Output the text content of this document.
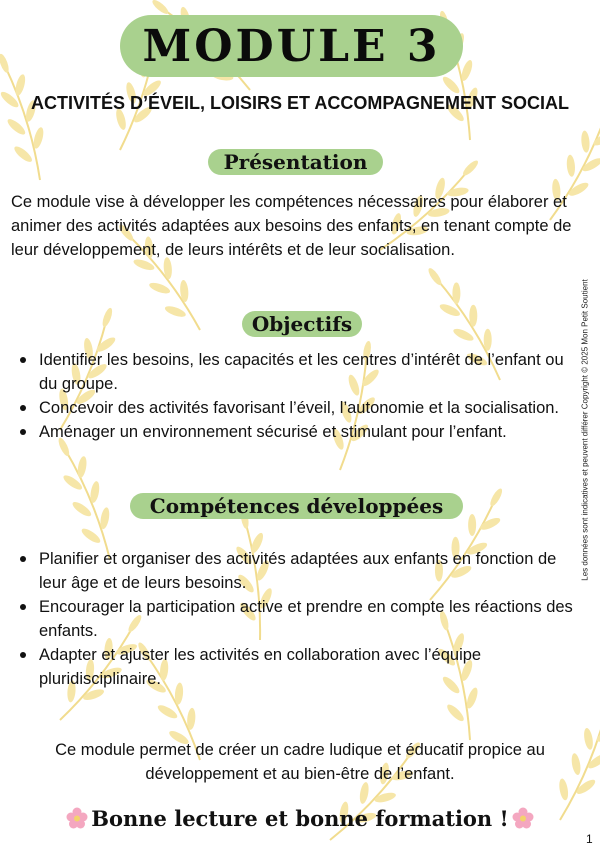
MODULE 3
ACTIVITÉS D’ÉVEIL, LOISIRS ET ACCOMPAGNEMENT SOCIAL
Présentation
Ce module vise à développer les compétences nécessaires pour élaborer et animer des activités adaptées aux besoins des enfants, en tenant compte de leur développement, de leurs intérêts et de leur socialisation.
Objectifs
Identifier les besoins, les capacités et les centres d’intérêt de l’enfant ou du groupe.
Concevoir des activités favorisant l’éveil, l’autonomie et la socialisation.
Aménager un environnement sécurisé et stimulant pour l’enfant.
Compétences développées
Planifier et organiser des activités adaptées aux enfants en fonction de leur âge et de leurs besoins.
Encourager la participation active et prendre en compte les réactions des enfants.
Adapter et ajuster les activités en collaboration avec l’équipe pluridisciplinaire.
Ce module permet de créer un cadre ludique et éducatif propice au développement et au bien-être de l’enfant.
Bonne lecture et bonne formation !
Les données sont indicatives et peuvent différer Copyright © 2025 Mon Petit Soutient
1
